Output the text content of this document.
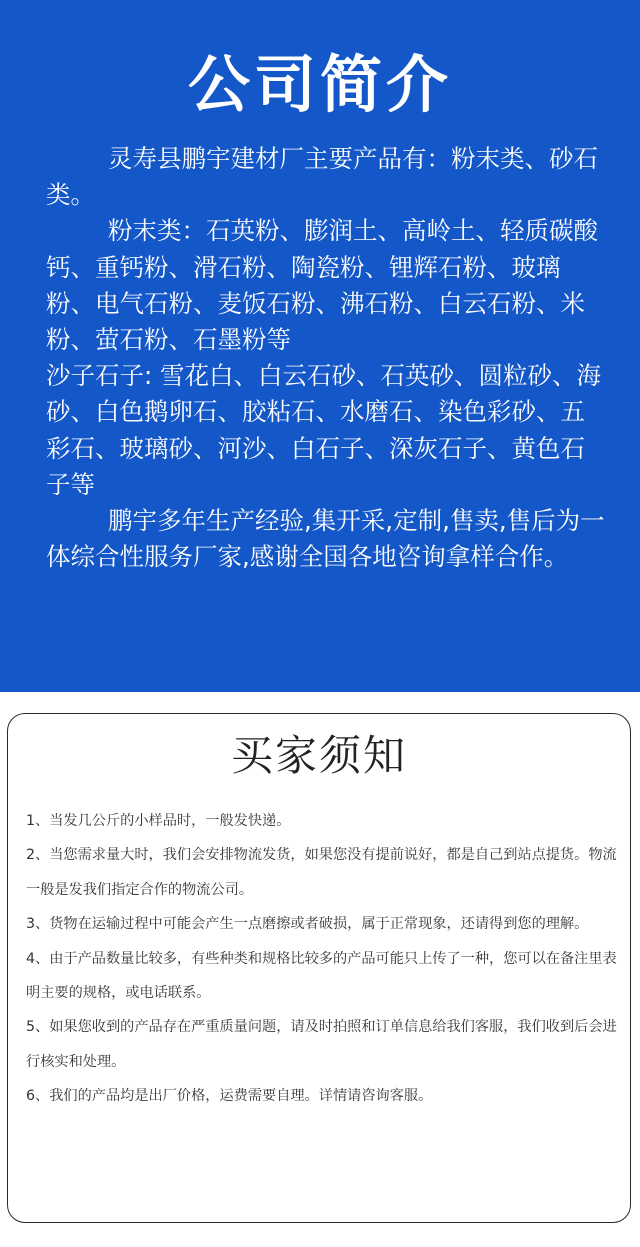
公司简介

灵寿县鹏宇建材厂主要产品有：粉末类、砂石类。

粉末类：石英粉、膨润土、高岭土、轻质碳酸钙、重钙粉、滑石粉、陶瓷粉、锂辉石粉、玻璃粉、电气石粉、麦饭石粉、沸石粉、白云石粉、米粉、萤石粉、石墨粉等

沙子石子: 雪花白、白云石砂、石英砂、圆粒砂、海砂、白色鹅卵石、胶粘石、水磨石、染色彩砂、五彩石、玻璃砂、河沙、白石子、深灰石子、黄色石子等

鹏宇多年生产经验,集开采,定制,售卖,售后为一体综合性服务厂家,感谢全国各地咨询拿样合作。

买家须知

1、当发几公斤的小样品时，一般发快递。

2、当您需求量大时，我们会安排物流发货，如果您没有提前说好，都是自己到站点提货。物流一般是发我们指定合作的物流公司。

3、货物在运输过程中可能会产生一点磨擦或者破损，属于正常现象，还请得到您的理解。

4、由于产品数量比较多，有些种类和规格比较多的产品可能只上传了一种，您可以在备注里表明主要的规格，或电话联系。

5、如果您收到的产品存在严重质量问题，请及时拍照和订单信息给我们客服，我们收到后会进行核实和处理。

6、我们的产品均是出厂价格，运费需要自理。详情请咨询客服。
